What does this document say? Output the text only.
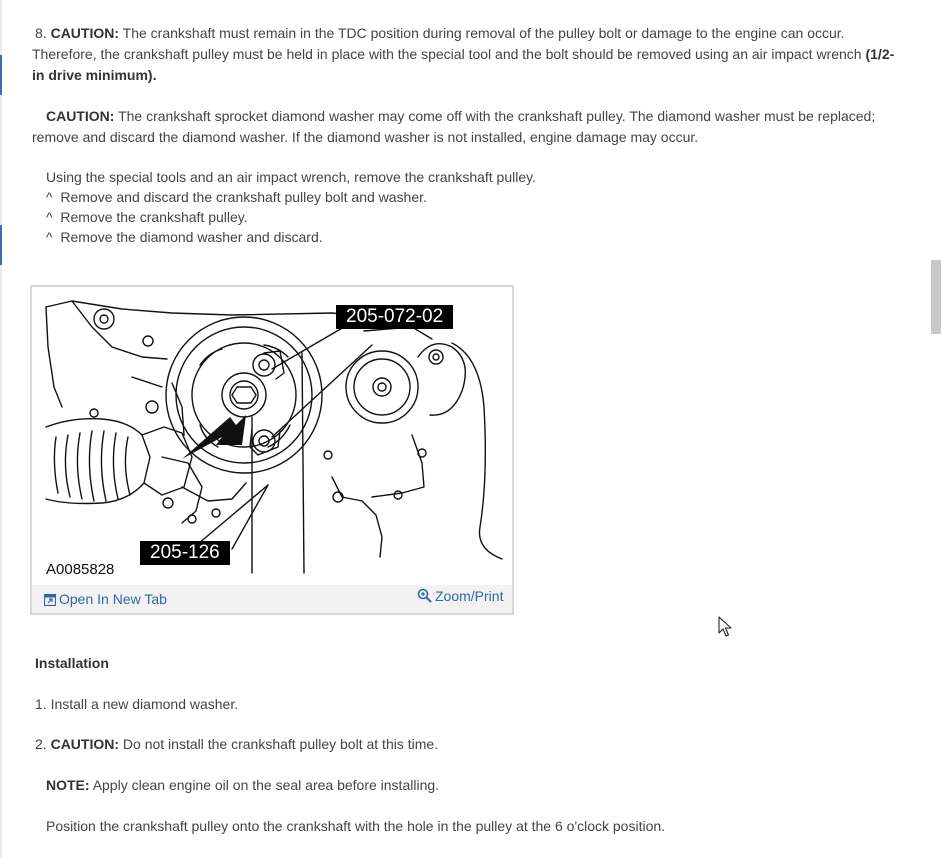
8. CAUTION: The crankshaft must remain in the TDC position during removal of the pulley bolt or damage to the engine can occur.
Therefore, the crankshaft pulley must be held in place with the special tool and the bolt should be removed using an air impact wrench (1/2-
in drive minimum).
CAUTION: The crankshaft sprocket diamond washer may come off with the crankshaft pulley. The diamond washer must be replaced;
remove and discard the diamond washer. If the diamond washer is not installed, engine damage may occur.
Using the special tools and an air impact wrench, remove the crankshaft pulley.
^ Remove and discard the crankshaft pulley bolt and washer.
^ Remove the crankshaft pulley.
^ Remove the diamond washer and discard.
205-072-02
205-126
A0085828
Open In New Tab	Zoom/Print
Installation
1. Install a new diamond washer.
2. CAUTION: Do not install the crankshaft pulley bolt at this time.
NOTE: Apply clean engine oil on the seal area before installing.
Position the crankshaft pulley onto the crankshaft with the hole in the pulley at the 6 o'clock position.
